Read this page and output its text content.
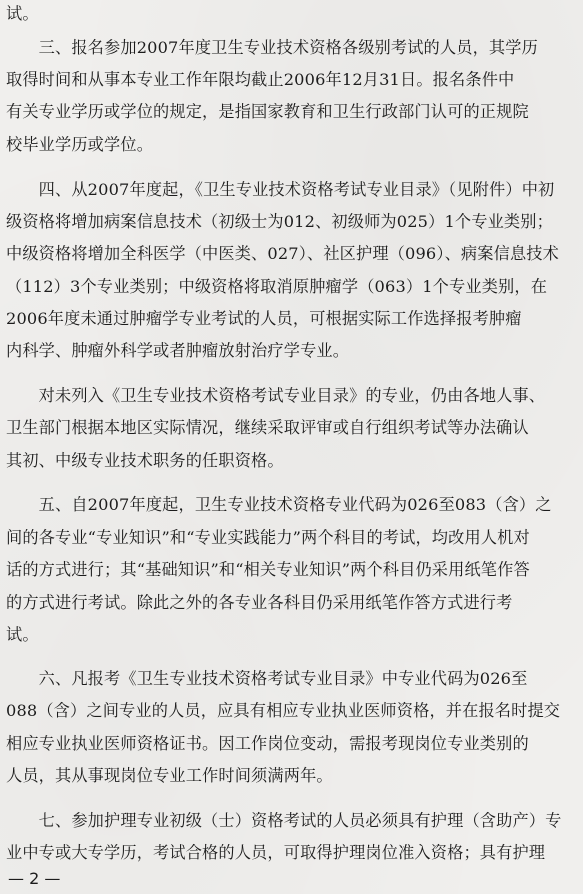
试。
　　三、报名参加2007年度卫生专业技术资格各级别考试的人员，其学历
取得时间和从事本专业工作年限均截止2006年12月31日。报名条件中
有关专业学历或学位的规定，是指国家教育和卫生行政部门认可的正规院
校毕业学历或学位。
　　四、从2007年度起，《卫生专业技术资格考试专业目录》（见附件）中初
级资格将增加病案信息技术（初级士为012、初级师为025）1个专业类别；
中级资格将增加全科医学（中医类、027）、社区护理（096）、病案信息技术
（112）3个专业类别；中级资格将取消原肿瘤学（063）1个专业类别，在
2006年度未通过肿瘤学专业考试的人员，可根据实际工作选择报考肿瘤
内科学、肿瘤外科学或者肿瘤放射治疗学专业。
　　对未列入《卫生专业技术资格考试专业目录》的专业，仍由各地人事、
卫生部门根据本地区实际情况，继续采取评审或自行组织考试等办法确认
其初、中级专业技术职务的任职资格。
　　五、自2007年度起，卫生专业技术资格专业代码为026至083（含）之
间的各专业“专业知识”和“专业实践能力”两个科目的考试，均改用人机对
话的方式进行；其“基础知识”和“相关专业知识”两个科目仍采用纸笔作答
的方式进行考试。除此之外的各专业各科目仍采用纸笔作答方式进行考
试。
　　六、凡报考《卫生专业技术资格考试专业目录》中专业代码为026至
088（含）之间专业的人员，应具有相应专业执业医师资格，并在报名时提交
相应专业执业医师资格证书。因工作岗位变动，需报考现岗位专业类别的
人员，其从事现岗位专业工作时间须满两年。
　　七、参加护理专业初级（士）资格考试的人员必须具有护理（含助产）专
业中专或大专学历，考试合格的人员，可取得护理岗位准入资格；具有护理
— 2 —
